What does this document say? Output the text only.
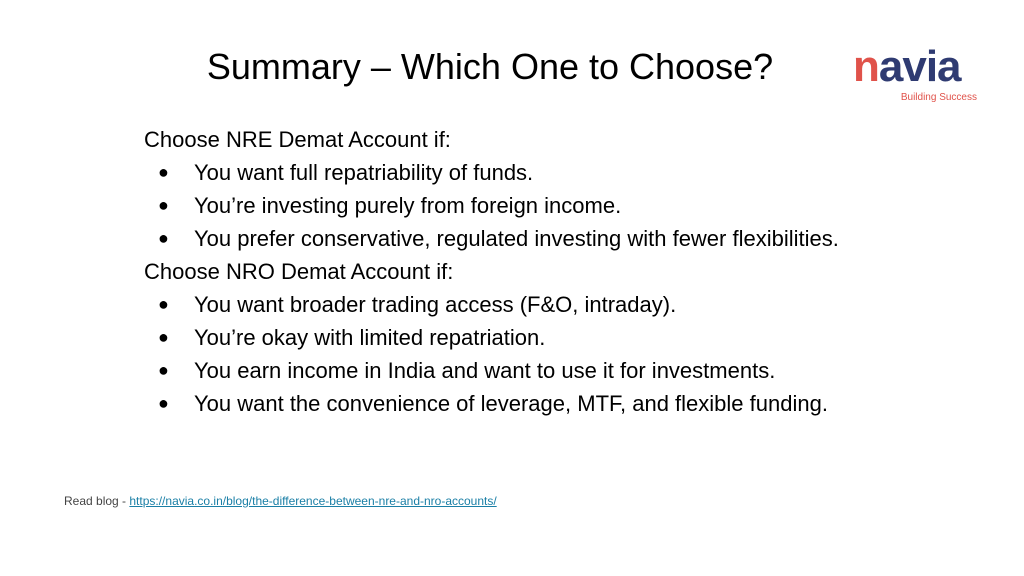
Summary – Which One to Choose?	navia
Building Success

Choose NRE Demat Account if:

● You want full repatriability of funds.
● You’re investing purely from foreign income.
● You prefer conservative, regulated investing with fewer flexibilities.

Choose NRO Demat Account if:

● You want broader trading access (F&O, intraday).
● You’re okay with limited repatriation.
● You earn income in India and want to use it for investments.
● You want the convenience of leverage, MTF, and flexible funding.
Read blog - https://navia.co.in/blog/the-difference-between-nre-and-nro-accounts/
